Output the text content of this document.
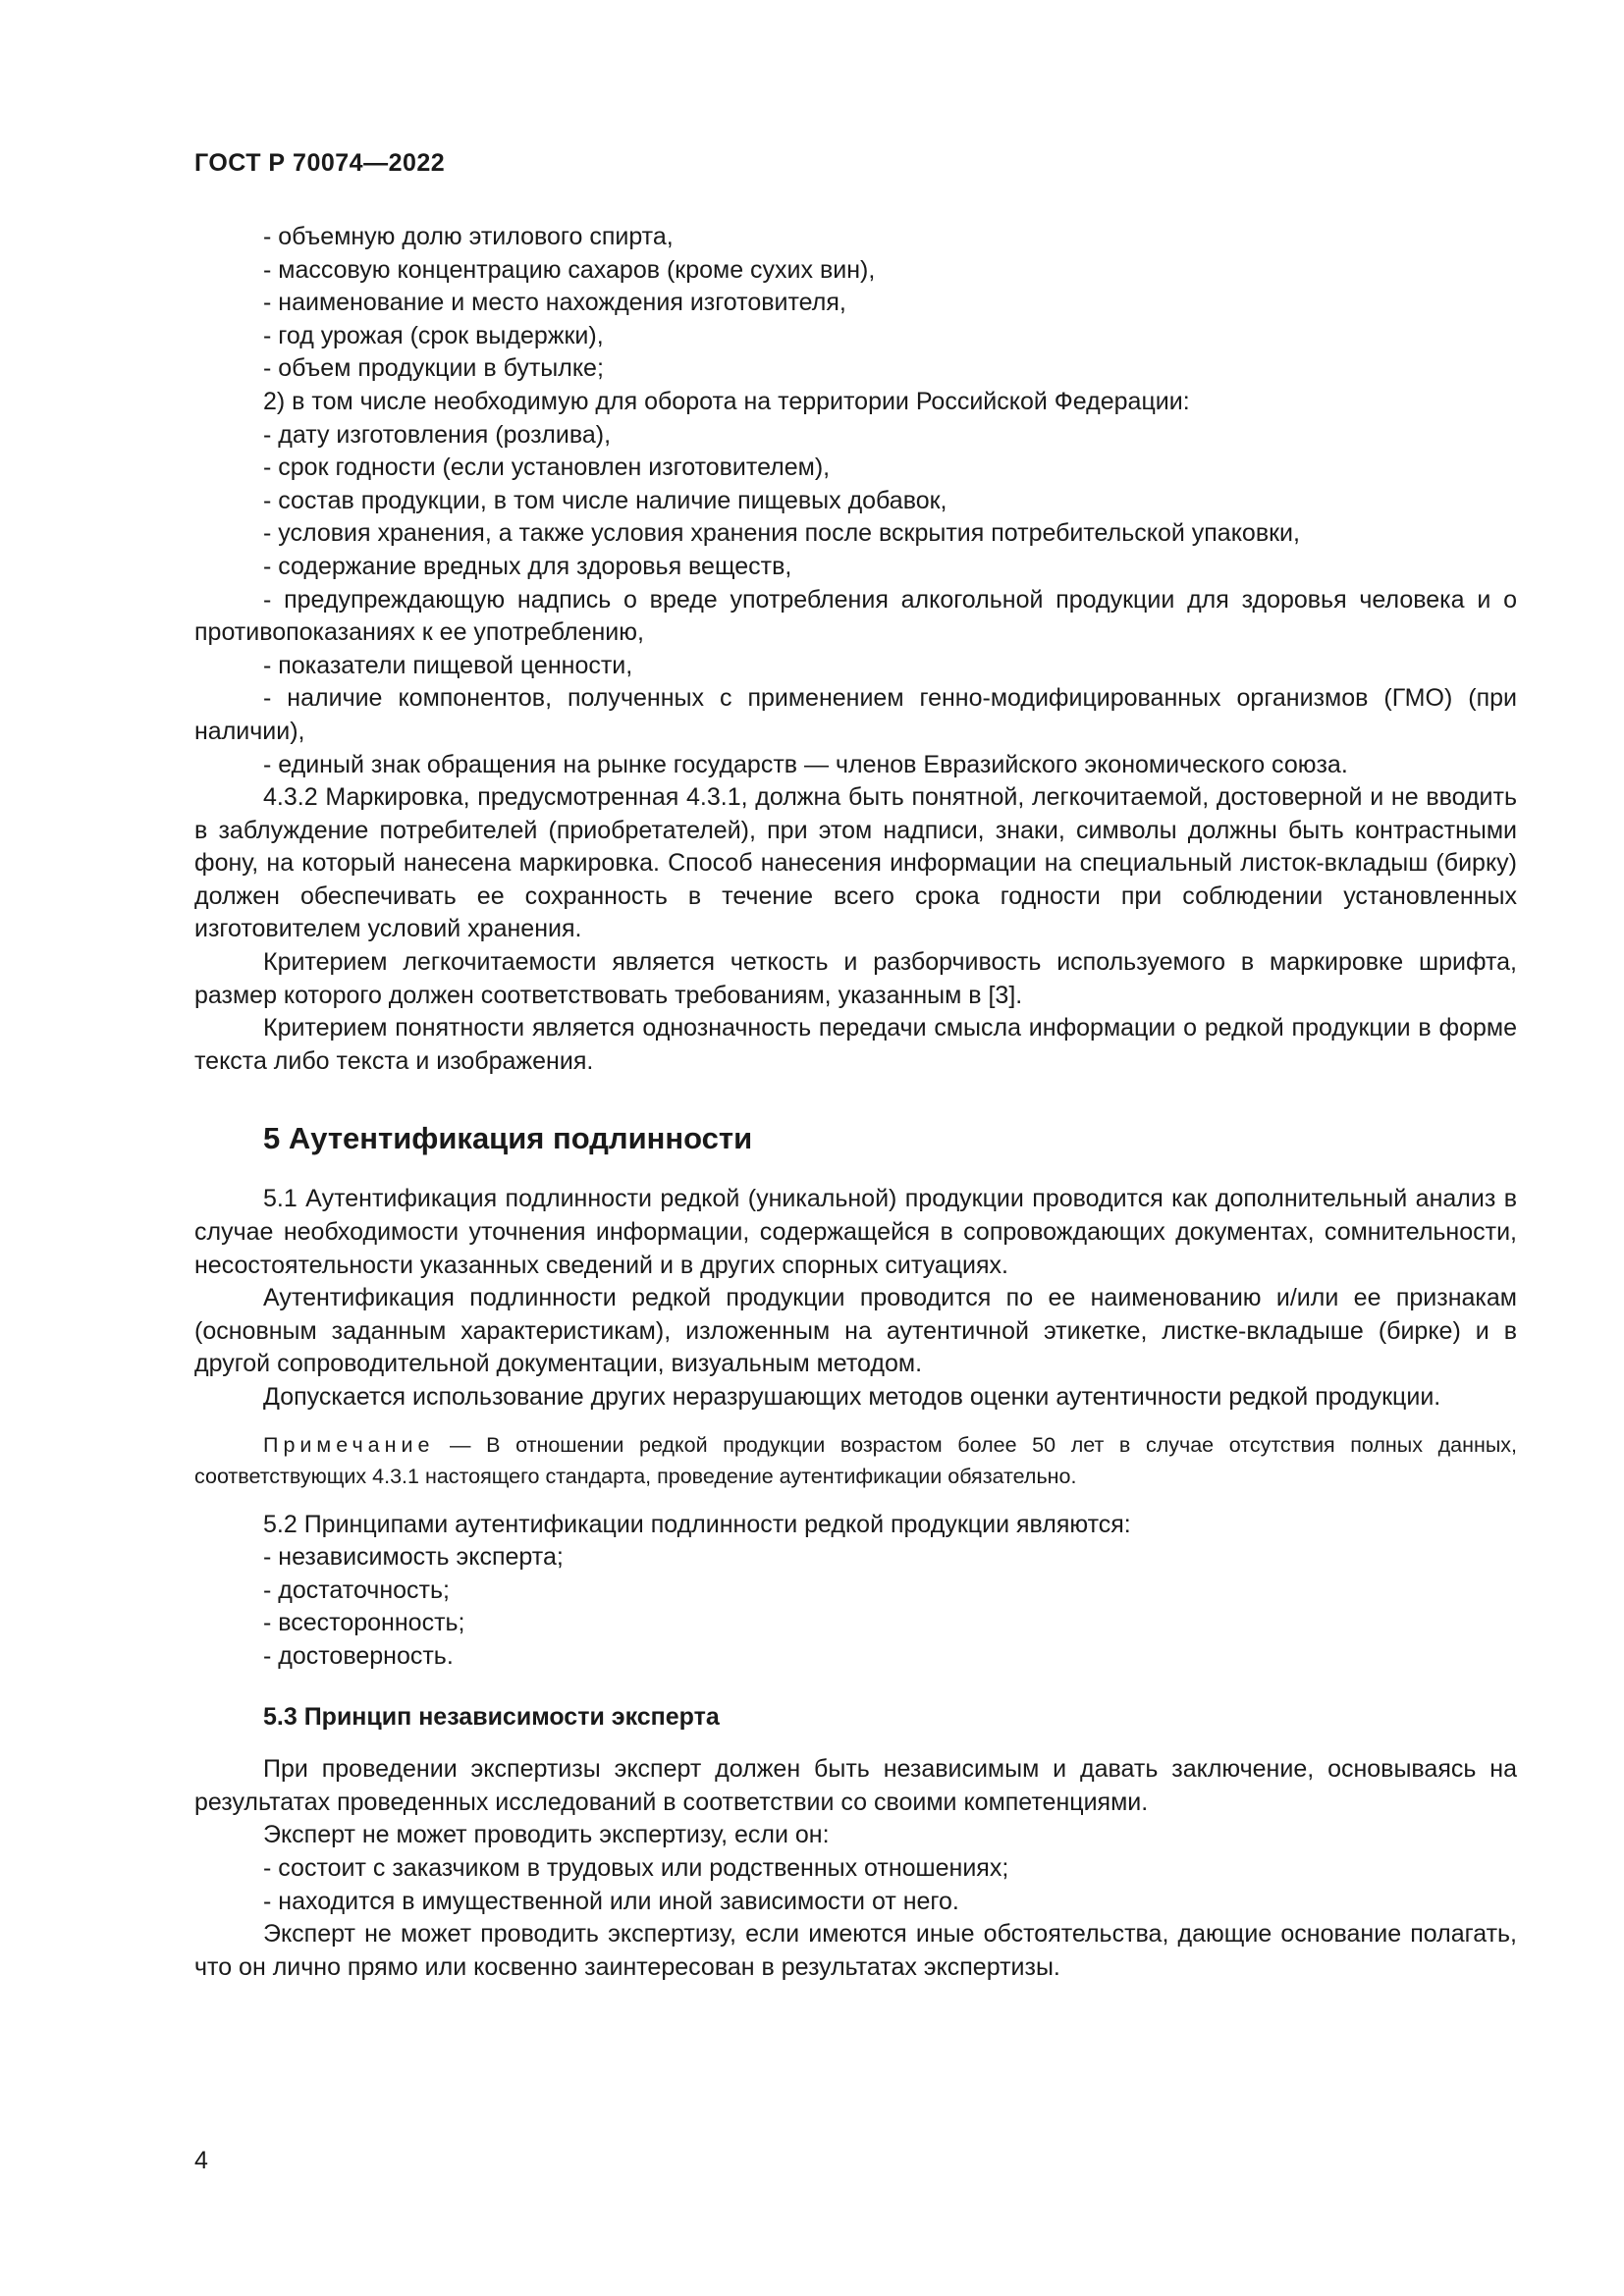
ГОСТ Р 70074—2022

- объемную долю этилового спирта,

- массовую концентрацию сахаров (кроме сухих вин),

- наименование и место нахождения изготовителя,

- год урожая (срок выдержки),

- объем продукции в бутылке;

2) в том числе необходимую для оборота на территории Российской Федерации:

- дату изготовления (розлива),

- срок годности (если установлен изготовителем),

- состав продукции, в том числе наличие пищевых добавок,

- условия хранения, а также условия хранения после вскрытия потребительской упаковки,

- содержание вредных для здоровья веществ,

- предупреждающую надпись о вреде употребления алкогольной продукции для здоровья человека и о противопоказаниях к ее употреблению,

- показатели пищевой ценности,

- наличие компонентов, полученных с применением генно-модифицированных организмов (ГМО) (при наличии),

- единый знак обращения на рынке государств — членов Евразийского экономического союза.

4.3.2 Маркировка, предусмотренная 4.3.1, должна быть понятной, легкочитаемой, достоверной и не вводить в заблуждение потребителей (приобретателей), при этом надписи, знаки, символы должны быть контрастными фону, на который нанесена маркировка. Способ нанесения информации на специальный листок-вкладыш (бирку) должен обеспечивать ее сохранность в течение всего срока годности при соблюдении установленных изготовителем условий хранения.

Критерием легкочитаемости является четкость и разборчивость используемого в маркировке шрифта, размер которого должен соответствовать требованиям, указанным в [3].

Критерием понятности является однозначность передачи смысла информации о редкой продукции в форме текста либо текста и изображения.

5 Аутентификация подлинности

5.1 Аутентификация подлинности редкой (уникальной) продукции проводится как дополнительный анализ в случае необходимости уточнения информации, содержащейся в сопровождающих документах, сомнительности, несостоятельности указанных сведений и в других спорных ситуациях.

Аутентификация подлинности редкой продукции проводится по ее наименованию и/или ее признакам (основным заданным характеристикам), изложенным на аутентичной этикетке, листке-вкладыше (бирке) и в другой сопроводительной документации, визуальным методом.

Допускается использование других неразрушающих методов оценки аутентичности редкой продукции.

Примечание — В отношении редкой продукции возрастом более 50 лет в случае отсутствия полных данных, соответствующих 4.3.1 настоящего стандарта, проведение аутентификации обязательно.

5.2 Принципами аутентификации подлинности редкой продукции являются:

- независимость эксперта;

- достаточность;

- всесторонность;

- достоверность.

5.3 Принцип независимости эксперта

При проведении экспертизы эксперт должен быть независимым и давать заключение, основываясь на результатах проведенных исследований в соответствии со своими компетенциями.

Эксперт не может проводить экспертизу, если он:

- состоит с заказчиком в трудовых или родственных отношениях;

- находится в имущественной или иной зависимости от него.

Эксперт не может проводить экспертизу, если имеются иные обстоятельства, дающие основание полагать, что он лично прямо или косвенно заинтересован в результатах экспертизы.

4
